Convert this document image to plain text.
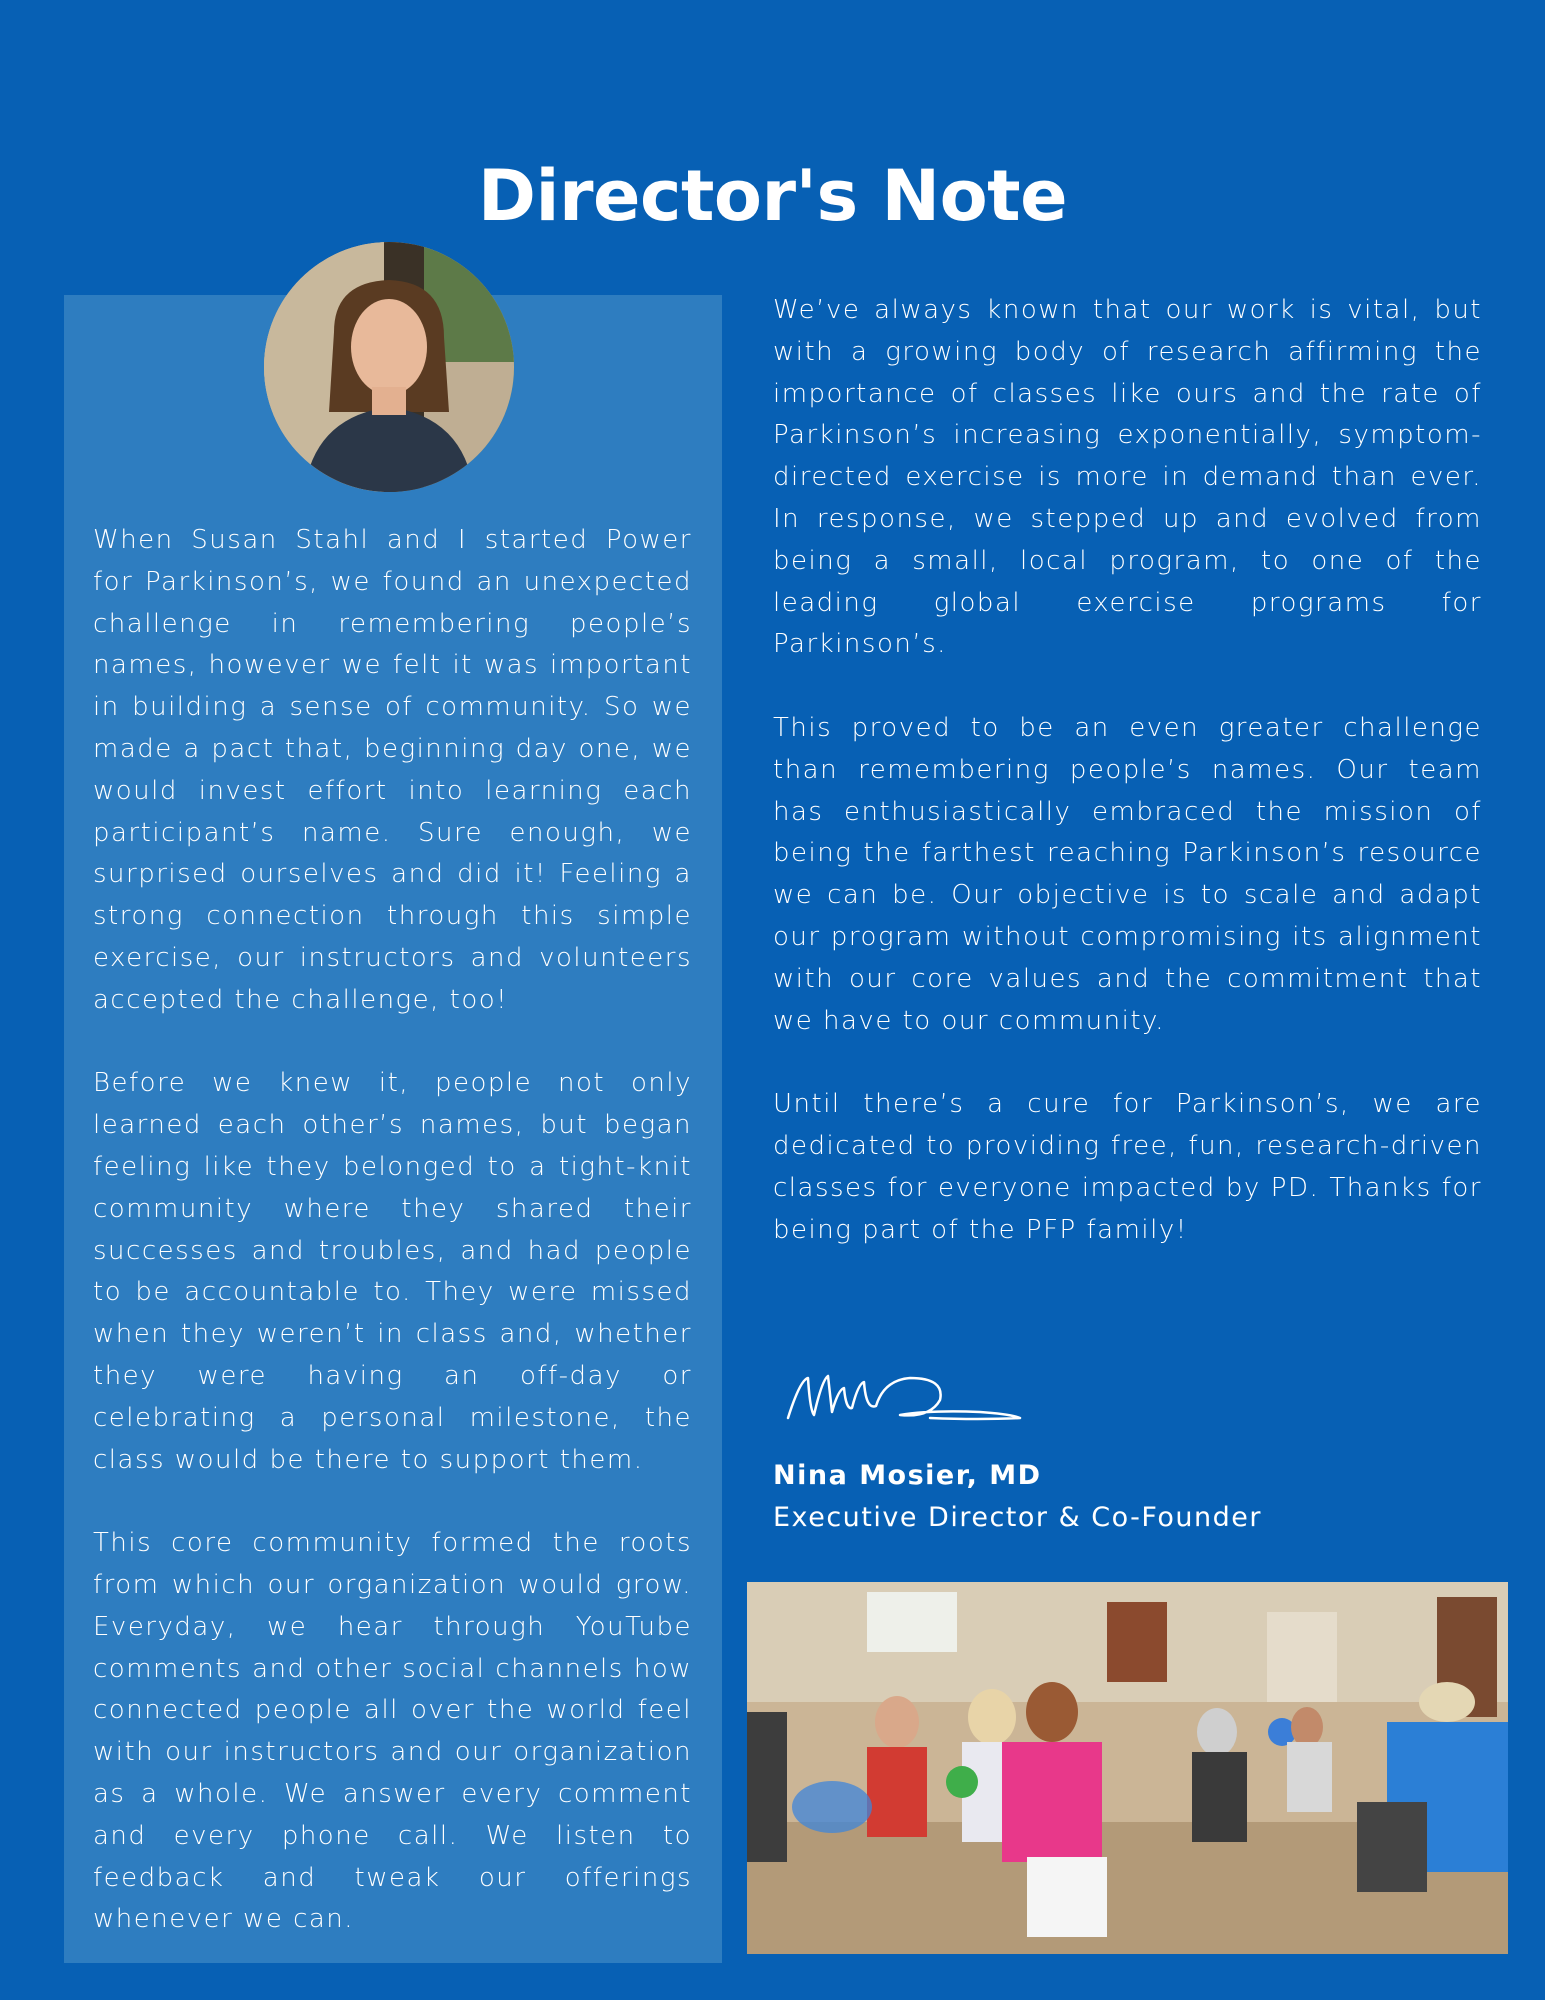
Director's Note

When Susan Stahl and I started Power for Parkinson’s, we found an unexpected challenge in remembering people’s names, however we felt it was important in building a sense of community. So we made a pact that, beginning day one, we would invest effort into learning each participant’s name. Sure enough, we surprised ourselves and did it! Feeling a strong connection through this simple exercise, our instructors and volunteers accepted the challenge, too!

Before we knew it, people not only learned each other’s names, but began feeling like they belonged to a tight-knit community where they shared their successes and troubles, and had people to be accountable to. They were missed when they weren’t in class and, whether they were having an off-day or celebrating a personal milestone, the class would be there to support them.

This core community formed the roots from which our organization would grow. Everyday, we hear through YouTube comments and other social channels how connected people all over the world feel with our instructors and our organization as a whole. We answer every comment and every phone call. We listen to feedback and tweak our offerings whenever we can.

We’ve always known that our work is vital, but with a growing body of research affirming the importance of classes like ours and the rate of Parkinson’s increasing exponentially, symptom-directed exercise is more in demand than ever. In response, we stepped up and evolved from being a small, local program, to one of the leading global exercise programs for Parkinson’s.

This proved to be an even greater challenge than remembering people’s names. Our team has enthusiastically embraced the mission of being the farthest reaching Parkinson’s resource we can be. Our objective is to scale and adapt our program without compromising its alignment with our core values and the commitment that we have to our community.

Until there’s a cure for Parkinson’s, we are dedicated to providing free, fun, research-driven classes for everyone impacted by PD. Thanks for being part of the PFP family!

Nina Mosier, MD

Executive Director & Co-Founder
